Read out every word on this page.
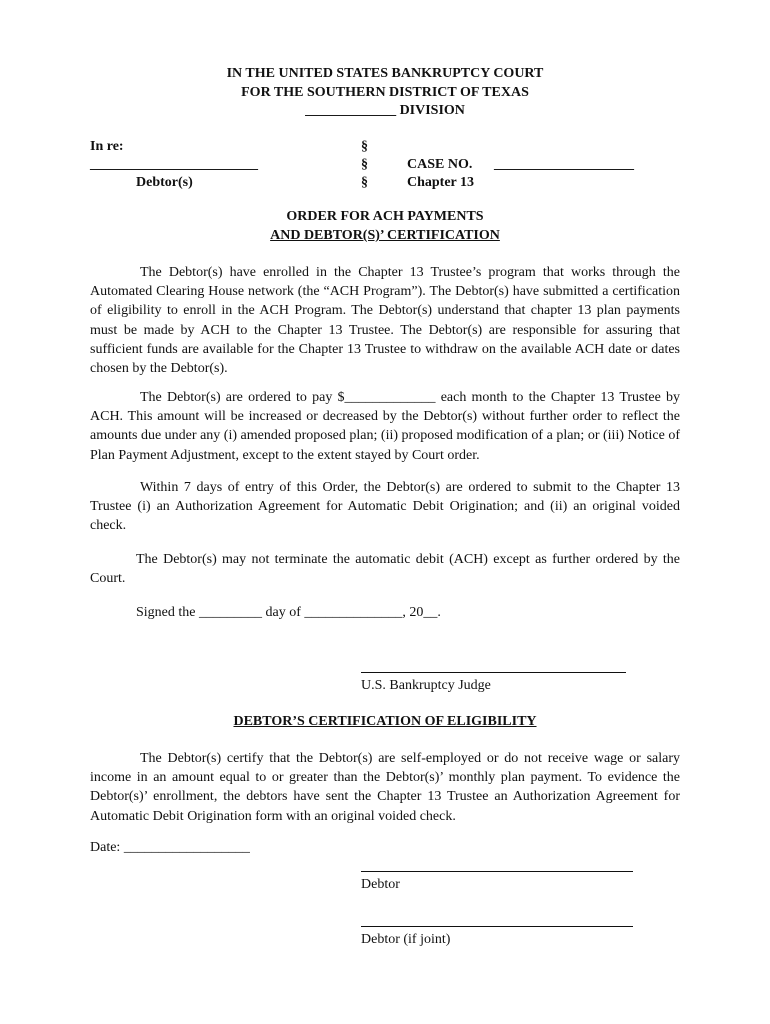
IN THE UNITED STATES BANKRUPTCY COURT
FOR THE SOUTHERN DISTRICT OF TEXAS
_____________ DIVISION
In re:
________________________
Debtor(s)
§
§
§
CASE NO. ____________________
Chapter 13
ORDER FOR ACH PAYMENTS
AND DEBTOR(S)’ CERTIFICATION
The Debtor(s) have enrolled in the Chapter 13 Trustee’s program that works through the Automated Clearing House network (the “ACH Program”). The Debtor(s) have submitted a certification of eligibility to enroll in the ACH Program. The Debtor(s) understand that chapter 13 plan payments must be made by ACH to the Chapter 13 Trustee. The Debtor(s) are responsible for assuring that sufficient funds are available for the Chapter 13 Trustee to withdraw on the available ACH date or dates chosen by the Debtor(s).
The Debtor(s) are ordered to pay $_____________ each month to the Chapter 13 Trustee by ACH. This amount will be increased or decreased by the Debtor(s) without further order to reflect the amounts due under any (i) amended proposed plan; (ii) proposed modification of a plan; or (iii) Notice of Plan Payment Adjustment, except to the extent stayed by Court order.
Within 7 days of entry of this Order, the Debtor(s) are ordered to submit to the Chapter 13 Trustee (i) an Authorization Agreement for Automatic Debit Origination; and (ii) an original voided check.
The Debtor(s) may not terminate the automatic debit (ACH) except as further ordered by the Court.
Signed the _________ day of ______________, 20__.
U.S. Bankruptcy Judge
DEBTOR’S CERTIFICATION OF ELIGIBILITY
The Debtor(s) certify that the Debtor(s) are self-employed or do not receive wage or salary income in an amount equal to or greater than the Debtor(s)’ monthly plan payment. To evidence the Debtor(s)’ enrollment, the debtors have sent the Chapter 13 Trustee an Authorization Agreement for Automatic Debit Origination form with an original voided check.
Date: __________________
Debtor
Debtor (if joint)
